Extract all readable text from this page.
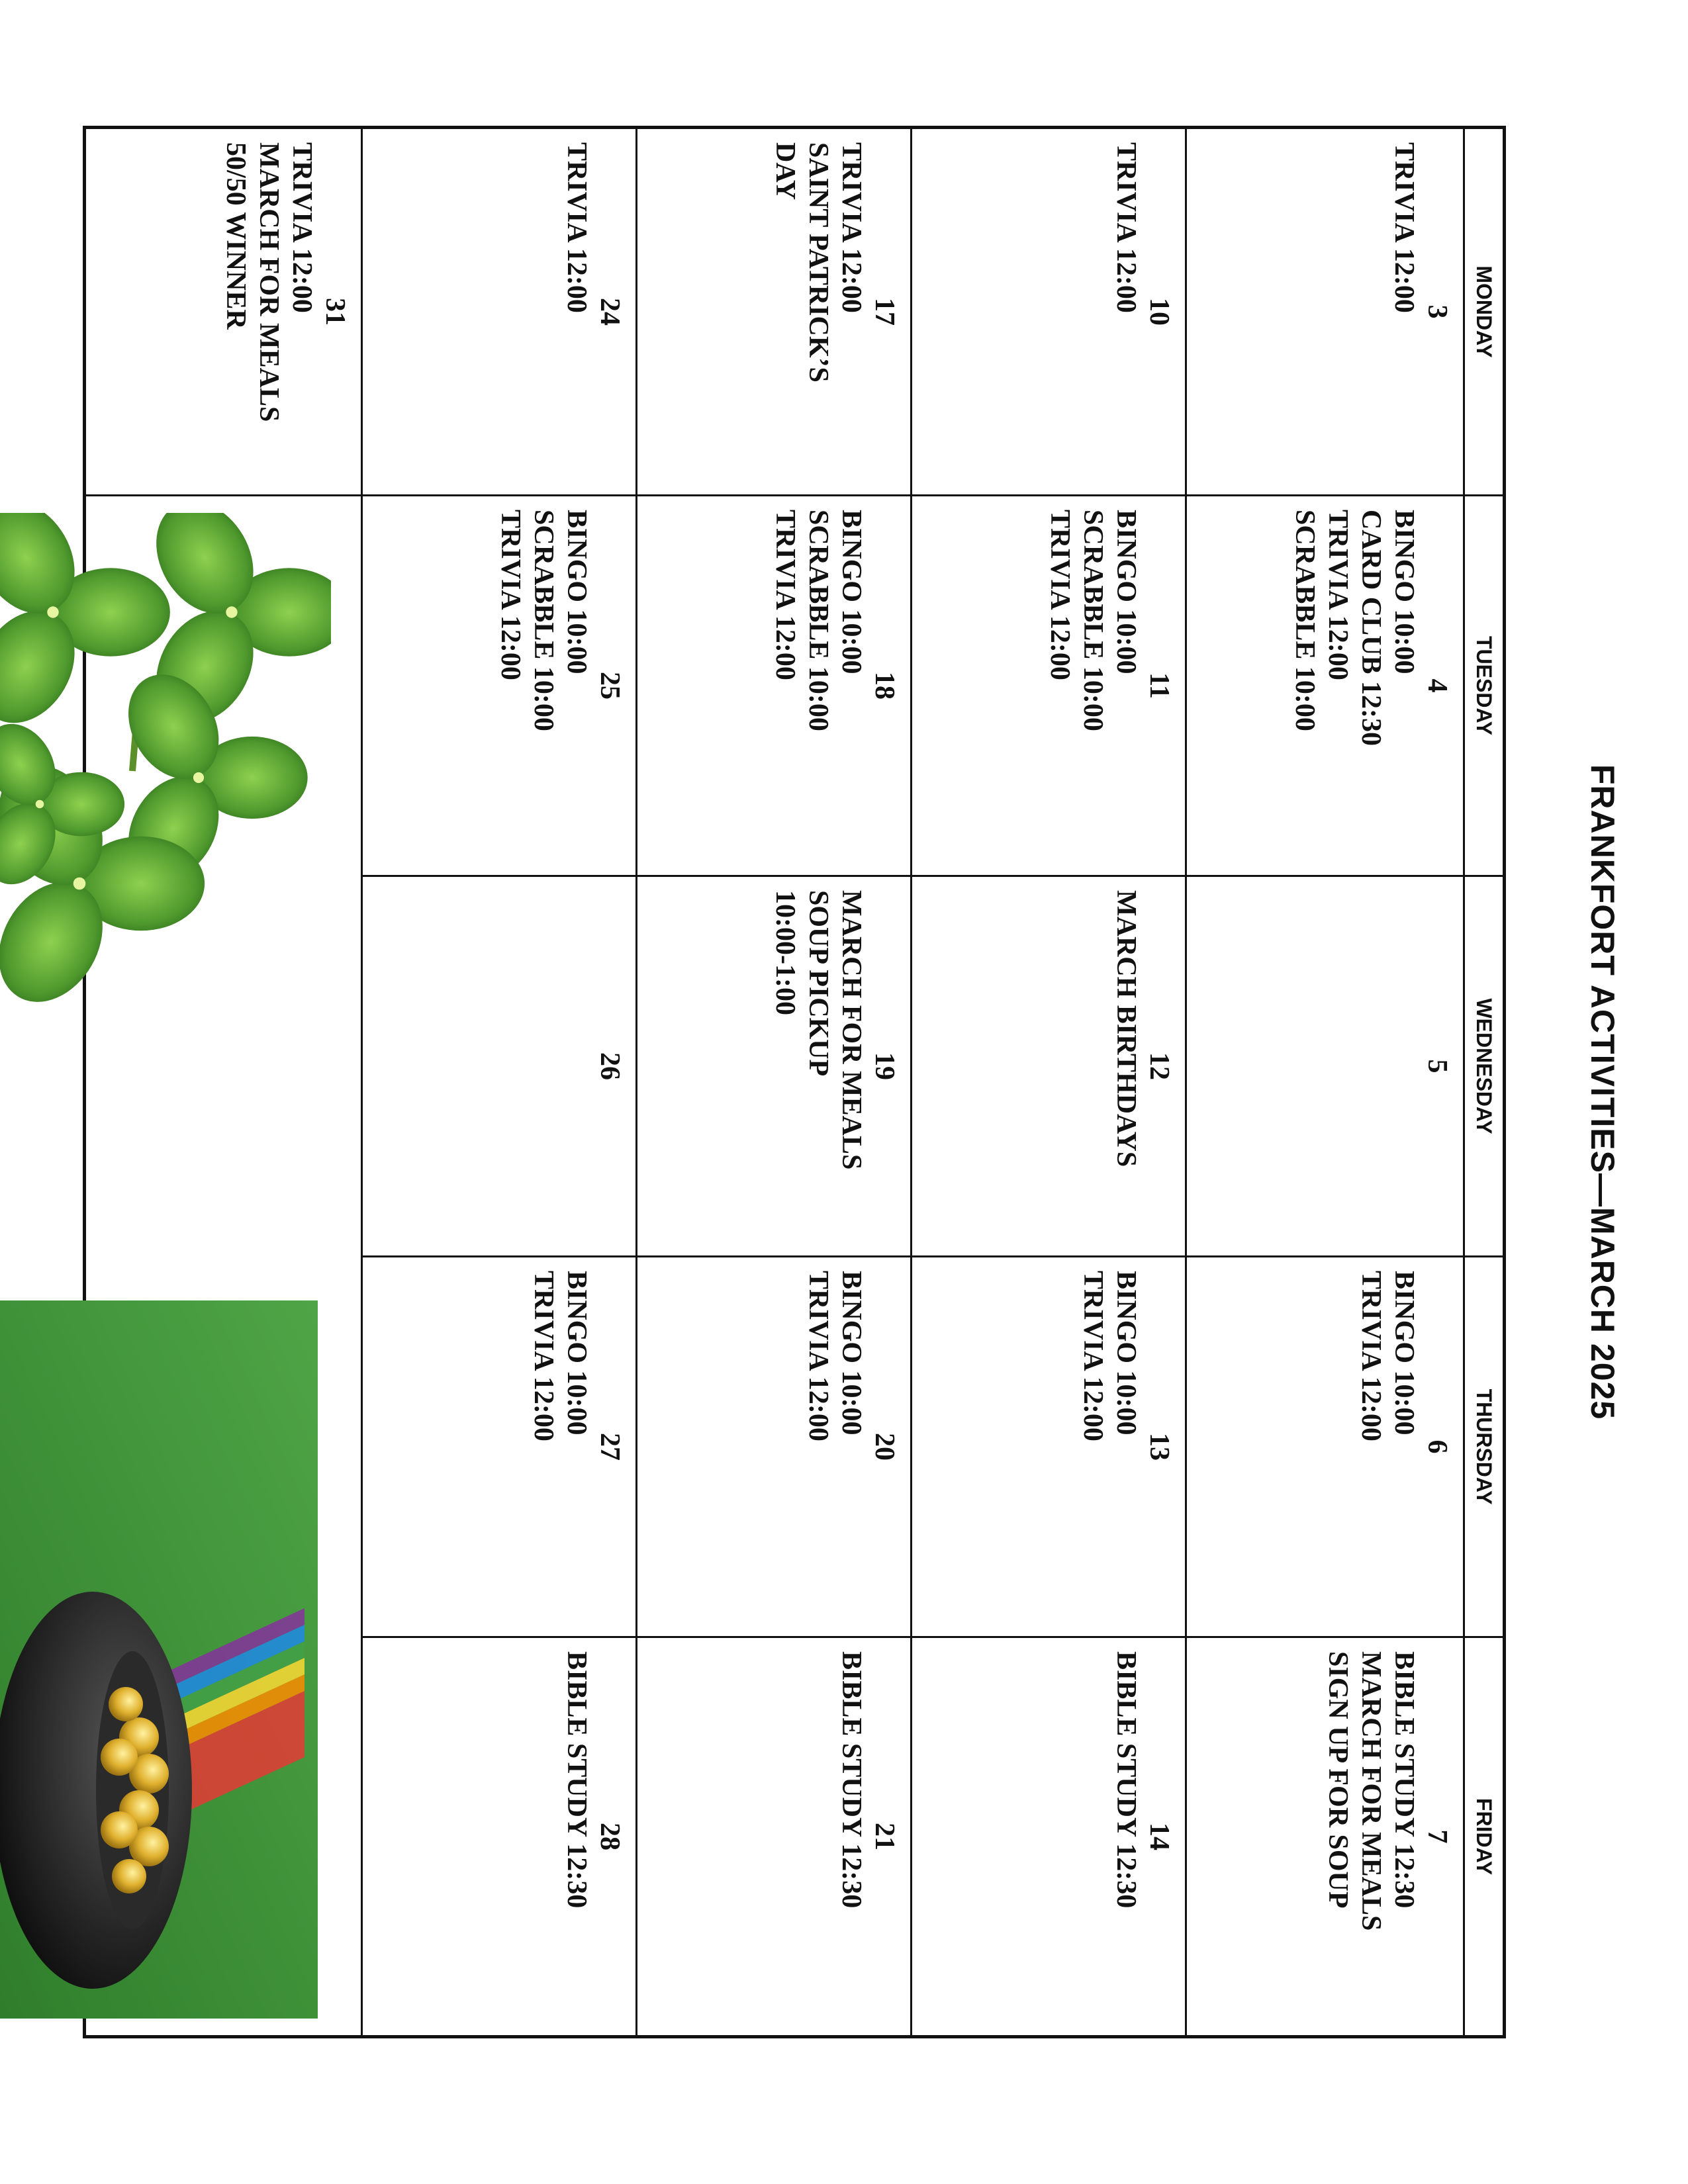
FRANKFORT ACTIVITIES—MARCH 2025
MONDAY
TUESDAY
WEDNESDAY
THURSDAY
FRIDAY
3
TRIVIA 12:00
4
BINGO 10:00
CARD CLUB 12:30
TRIVIA 12:00
SCRABBLE 10:00
5
6
BINGO 10:00
TRIVIA 12:00
7
BIBLE STUDY 12:30
MARCH FOR MEALS
SIGN UP FOR SOUP
10
TRIVIA 12:00
11
BINGO 10:00
SCRABBLE 10:00
TRIVIA 12:00
12
MARCH BIRTHDAYS
13
BINGO 10:00
TRIVIA 12:00
14
BIBLE STUDY 12:30
17
TRIVIA 12:00
SAINT PATRICK’S
DAY
18
BINGO 10:00
SCRABBLE 10:00
TRIVIA 12:00
19
MARCH FOR MEALS
SOUP PICKUP
10:00-1:00
20
BINGO 10:00
TRIVIA 12:00
21
BIBLE STUDY 12:30
24
TRIVIA 12:00
25
BINGO 10:00
SCRABBLE 10:00
TRIVIA 12:00
26
27
BINGO 10:00
TRIVIA 12:00
28
BIBLE STUDY 12:30
31
TRIVIA 12:00
MARCH FOR MEALS
50/50 WINNER
